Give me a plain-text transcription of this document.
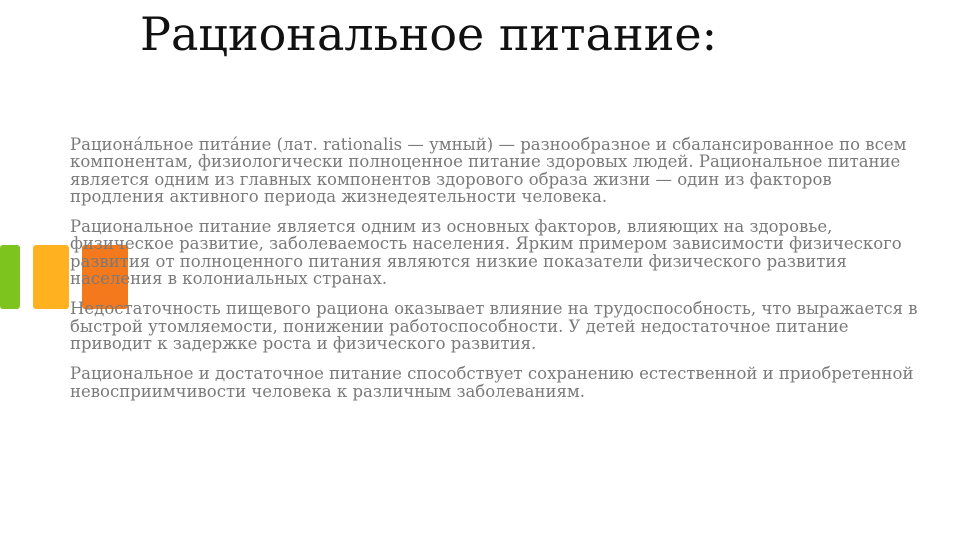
Рациональное питание:

Рациона́льное пита́ние (лат. rationalis — умный) — разнообразное и сбалансированное по всем компонентам, физиологически полноценное питание здоровых людей. Рациональное питание является одним из главных компонентов здорового образа жизни — один из факторов продления активного периода жизнедеятельности человека.

Рациональное питание является одним из основных факторов, влияющих на здоровье, физическое развитие, заболеваемость населения. Ярким примером зависимости физического развития от полноценного питания являются низкие показатели физического развития населения в колониальных странах.

Недостаточность пищевого рациона оказывает влияние на трудоспособность, что выражается в быстрой утомляемости, понижении работоспособности. У детей недостаточное питание приводит к задержке роста и физического развития.

Рациональное и достаточное питание способствует сохранению естественной и приобретенной невосприимчивости человека к различным заболеваниям.
